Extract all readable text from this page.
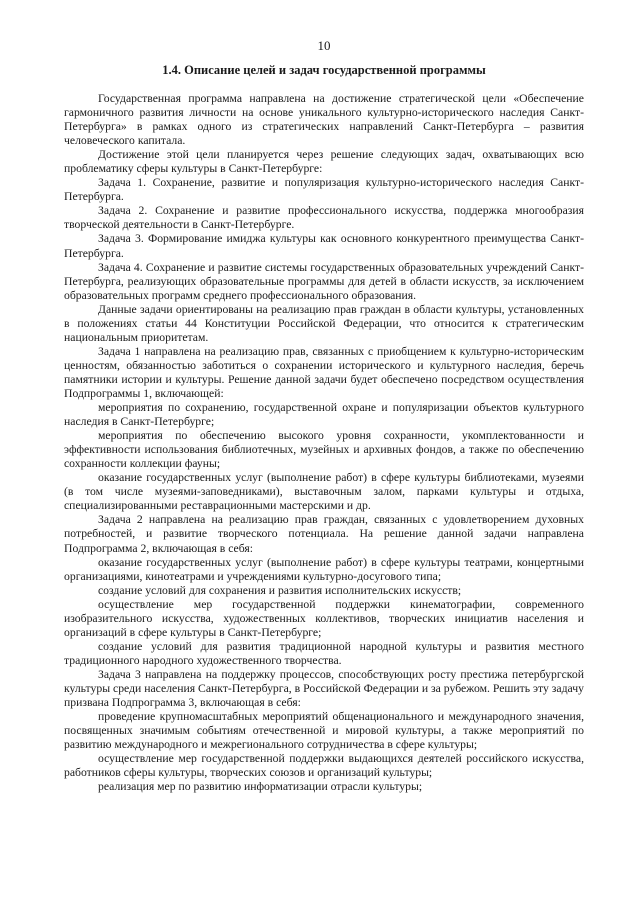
10
1.4. Описание целей и задач государственной программы

Государственная программа направлена на достижение стратегической цели «Обеспечение гармоничного развития личности на основе уникального культурно-исторического наследия Санкт-Петербурга» в рамках одного из стратегических направлений Санкт-Петербурга – развития человеческого капитала.

Достижение этой цели планируется через решение следующих задач, охватывающих всю проблематику сферы культуры в Санкт-Петербурге:

Задача 1. Сохранение, развитие и популяризация культурно-исторического наследия Санкт-Петербурга.

Задача 2. Сохранение и развитие профессионального искусства, поддержка многообразия творческой деятельности в Санкт-Петербурге.

Задача 3. Формирование имиджа культуры как основного конкурентного преимущества Санкт-Петербурга.

Задача 4. Сохранение и развитие системы государственных образовательных учреждений Санкт-Петербурга, реализующих образовательные программы для детей в области искусств, за исключением образовательных программ среднего профессионального образования.

Данные задачи ориентированы на реализацию прав граждан в области культуры, установленных в положениях статьи 44 Конституции Российской Федерации, что относится к стратегическим национальным приоритетам.

Задача 1 направлена на реализацию прав, связанных с приобщением к культурно-историческим ценностям, обязанностью заботиться о сохранении исторического и культурного наследия, беречь памятники истории и культуры. Решение данной задачи будет обеспечено посредством осуществления Подпрограммы 1, включающей:

мероприятия по сохранению, государственной охране и популяризации объектов культурного наследия в Санкт-Петербурге;

мероприятия по обеспечению высокого уровня сохранности, укомплектованности и эффективности использования библиотечных, музейных и архивных фондов, а также по обеспечению сохранности коллекции фауны;

оказание государственных услуг (выполнение работ) в сфере культуры библиотеками, музеями (в том числе музеями-заповедниками), выставочным залом, парками культуры и отдыха, специализированными реставрационными мастерскими и др.

Задача 2 направлена на реализацию прав граждан, связанных с удовлетворением духовных потребностей, и развитие творческого потенциала. На решение данной задачи направлена Подпрограмма 2, включающая в себя:

оказание государственных услуг (выполнение работ) в сфере культуры театрами, концертными организациями, кинотеатрами и учреждениями культурно-досугового типа;

создание условий для сохранения и развития исполнительских искусств;

осуществление мер государственной поддержки кинематографии, современного изобразительного искусства, художественных коллективов, творческих инициатив населения и организаций в сфере культуры в Санкт-Петербурге;

создание условий для развития традиционной народной культуры и развития местного традиционного народного художественного творчества.

Задача 3 направлена на поддержку процессов, способствующих росту престижа петербургской культуры среди населения Санкт-Петербурга, в Российской Федерации и за рубежом. Решить эту задачу призвана Подпрограмма 3, включающая в себя:

проведение крупномасштабных мероприятий общенационального и международного значения, посвященных значимым событиям отечественной и мировой культуры, а также мероприятий по развитию международного и межрегионального сотрудничества в сфере культуры;

осуществление мер государственной поддержки выдающихся деятелей российского искусства, работников сферы культуры, творческих союзов и организаций культуры;

реализация мер по развитию информатизации отрасли культуры;
